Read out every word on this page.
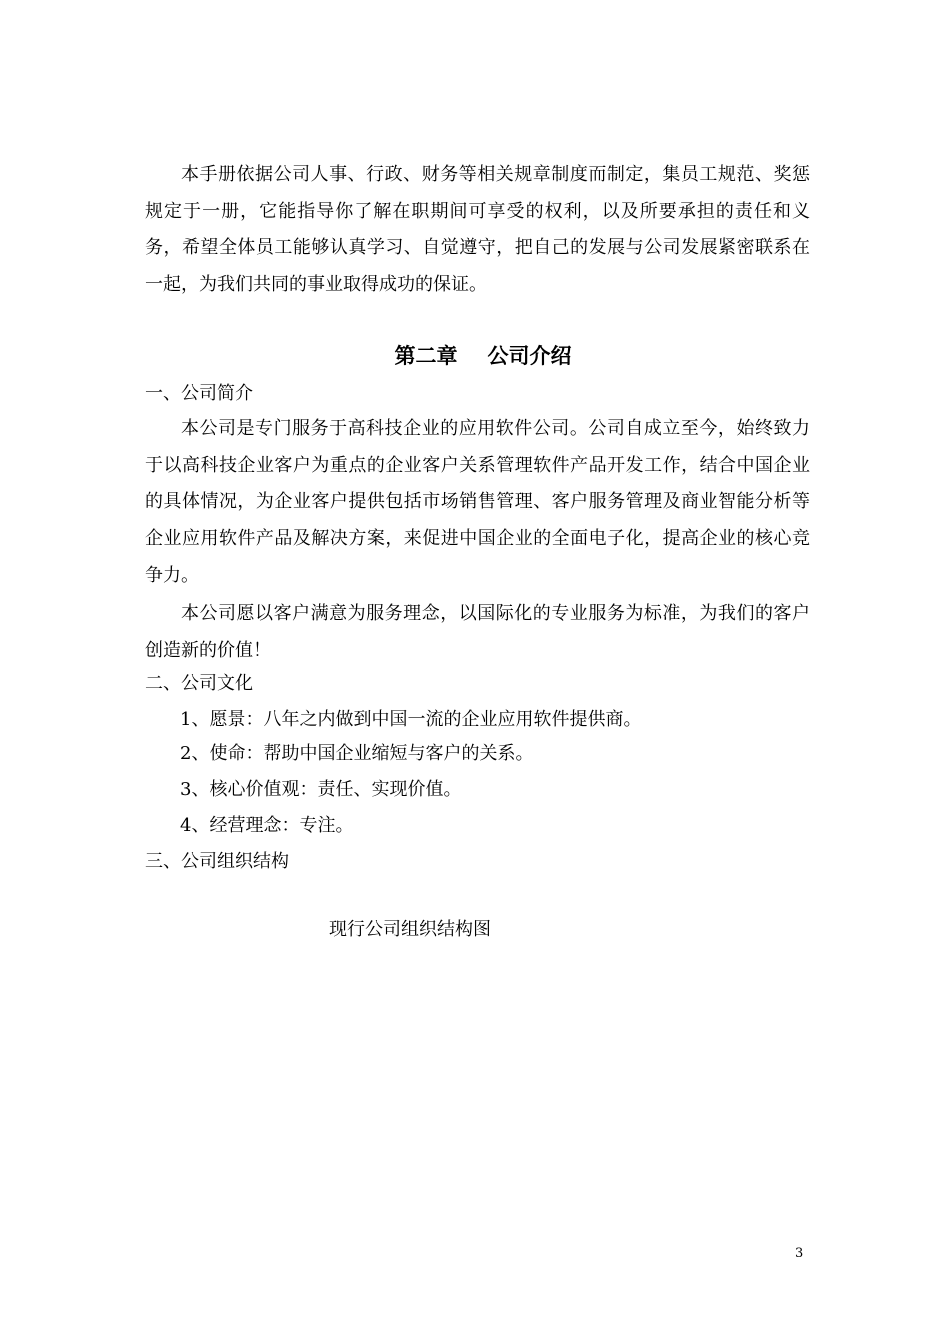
本手册依据公司人事、行政、财务等相关规章制度而制定，集员工规范、奖惩规定于一册，它能指导你了解在职期间可享受的权利，以及所要承担的责任和义务，希望全体员工能够认真学习、自觉遵守，把自己的发展与公司发展紧密联系在一起，为我们共同的事业取得成功的保证。

第二章 公司介绍

一、公司简介

本公司是专门服务于高科技企业的应用软件公司。公司自成立至今，始终致力于以高科技企业客户为重点的企业客户关系管理软件产品开发工作，结合中国企业的具体情况，为企业客户提供包括市场销售管理、客户服务管理及商业智能分析等企业应用软件产品及解决方案，来促进中国企业的全面电子化，提高企业的核心竞争力。

本公司愿以客户满意为服务理念，以国际化的专业服务为标准，为我们的客户创造新的价值！

二、公司文化

1、愿景：八年之内做到中国一流的企业应用软件提供商。

2、使命：帮助中国企业缩短与客户的关系。

3、核心价值观：责任、实现价值。

4、经营理念：专注。

三、公司组织结构

现行公司组织结构图

3
